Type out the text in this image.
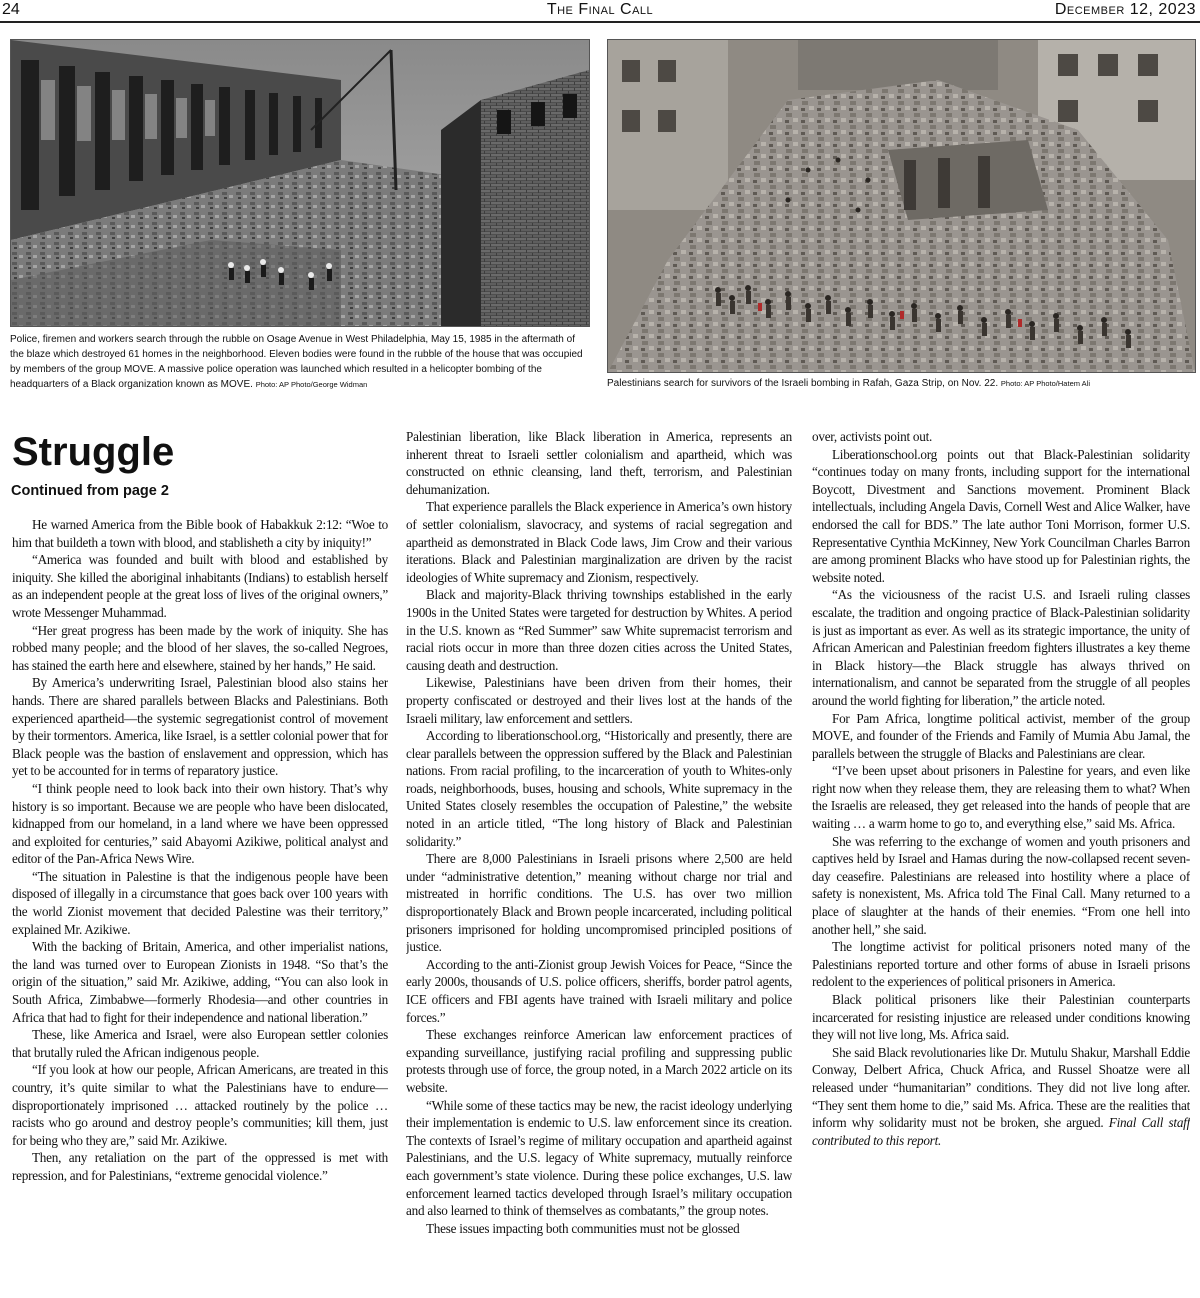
24	The Final Call	December 12, 2023
Police, firemen and workers search through the rubble on Osage Avenue in West Philadelphia, May 15, 1985 in the aftermath of the blaze which destroyed 61 homes in the neighborhood. Eleven bodies were found in the rubble of the house that was occupied by members of the group MOVE. A massive police operation was launched which resulted in a helicopter bombing of the headquarters of a Black organization known as MOVE. Photo: AP Photo/George Widman	Palestinians search for survivors of the Israeli bombing in Rafah, Gaza Strip, on Nov. 22. Photo: AP Photo/Hatem Ali
Struggle
Continued from page 2

He warned America from the Bible book of Habakkuk 2:12: “Woe to him that buildeth a town with blood, and stablisheth a city by iniquity!”

“America was founded and built with blood and established by iniquity. She killed the aboriginal inhabitants (Indians) to establish herself as an independent people at the great loss of lives of the original owners,” wrote Messenger Muhammad.

“Her great progress has been made by the work of iniquity. She has robbed many people; and the blood of her slaves, the so-called Negroes, has stained the earth here and elsewhere, stained by her hands,” He said.

By America’s underwriting Israel, Palestinian blood also stains her hands. There are shared parallels between Blacks and Palestinians. Both experienced apartheid—the systemic segregationist control of movement by their tormentors. America, like Israel, is a settler colonial power that for Black people was the bastion of enslavement and oppression, which has yet to be accounted for in terms of reparatory justice.

“I think people need to look back into their own history. That’s why history is so important. Because we are people who have been dislocated, kidnapped from our homeland, in a land where we have been oppressed and exploited for centuries,” said Abayomi Azikiwe, political analyst and editor of the Pan-Africa News Wire.

“The situation in Palestine is that the indigenous people have been disposed of illegally in a circumstance that goes back over 100 years with the world Zionist movement that decided Palestine was their territory,” explained Mr. Azikiwe.

With the backing of Britain, America, and other imperialist nations, the land was turned over to European Zionists in 1948. “So that’s the origin of the situation,” said Mr. Azikiwe, adding, “You can also look in South Africa, Zimbabwe—formerly Rhodesia—and other countries in Africa that had to fight for their independence and national liberation.”

These, like America and Israel, were also European settler colonies that brutally ruled the African indigenous people.

“If you look at how our people, African Americans, are treated in this country, it’s quite similar to what the Palestinians have to endure—disproportionately imprisoned … attacked routinely by the police … racists who go around and destroy people’s communities; kill them, just for being who they are,” said Mr. Azikiwe.

Then, any retaliation on the part of the oppressed is met with repression, and for Palestinians, “extreme genocidal violence.”

Palestinian liberation, like Black liberation in America, represents an inherent threat to Israeli settler colonialism and apartheid, which was constructed on ethnic cleansing, land theft, terrorism, and Palestinian dehumanization.

That experience parallels the Black experience in America’s own history of settler colonialism, slavocracy, and systems of racial segregation and apartheid as demonstrated in Black Code laws, Jim Crow and their various iterations. Black and Palestinian marginalization are driven by the racist ideologies of White supremacy and Zionism, respectively.

Black and majority-Black thriving townships established in the early 1900s in the United States were targeted for destruction by Whites. A period in the U.S. known as “Red Summer” saw White supremacist terrorism and racial riots occur in more than three dozen cities across the United States, causing death and destruction.

Likewise, Palestinians have been driven from their homes, their property confiscated or destroyed and their lives lost at the hands of the Israeli military, law enforcement and settlers.

According to liberationschool.org, “Historically and presently, there are clear parallels between the oppression suffered by the Black and Palestinian nations. From racial profiling, to the incarceration of youth to Whites-only roads, neighborhoods, buses, housing and schools, White supremacy in the United States closely resembles the occupation of Palestine,” the website noted in an article titled, “The long history of Black and Palestinian solidarity.”

There are 8,000 Palestinians in Israeli prisons where 2,500 are held under “administrative detention,” meaning without charge nor trial and mistreated in horrific conditions. The U.S. has over two million disproportionately Black and Brown people incarcerated, including political prisoners imprisoned for holding uncompromised principled positions of justice.

According to the anti-Zionist group Jewish Voices for Peace, “Since the early 2000s, thousands of U.S. police officers, sheriffs, border patrol agents, ICE officers and FBI agents have trained with Israeli military and police forces.”

These exchanges reinforce American law enforcement practices of expanding surveillance, justifying racial profiling and suppressing public protests through use of force, the group noted, in a March 2022 article on its website.

“While some of these tactics may be new, the racist ideology underlying their implementation is endemic to U.S. law enforcement since its creation. The contexts of Israel’s regime of military occupation and apartheid against Palestinians, and the U.S. legacy of White supremacy, mutually reinforce each government’s state violence. During these police exchanges, U.S. law enforcement learned tactics developed through Israel’s military occupation and also learned to think of themselves as combatants,” the group notes.

These issues impacting both communities must not be glossed

over, activists point out.

Liberationschool.org points out that Black-Palestinian solidarity “continues today on many fronts, including support for the international Boycott, Divestment and Sanctions movement. Prominent Black intellectuals, including Angela Davis, Cornell West and Alice Walker, have endorsed the call for BDS.” The late author Toni Morrison, former U.S. Representative Cynthia McKinney, New York Councilman Charles Barron are among prominent Blacks who have stood up for Palestinian rights, the website noted.

“As the viciousness of the racist U.S. and Israeli ruling classes escalate, the tradition and ongoing practice of Black-Palestinian solidarity is just as important as ever. As well as its strategic importance, the unity of African American and Palestinian freedom fighters illustrates a key theme in Black history—the Black struggle has always thrived on internationalism, and cannot be separated from the struggle of all peoples around the world fighting for liberation,” the article noted.

For Pam Africa, longtime political activist, member of the group MOVE, and founder of the Friends and Family of Mumia Abu Jamal, the parallels between the struggle of Blacks and Palestinians are clear.

“I’ve been upset about prisoners in Palestine for years, and even like right now when they release them, they are releasing them to what? When the Israelis are released, they get released into the hands of people that are waiting … a warm home to go to, and everything else,” said Ms. Africa.

She was referring to the exchange of women and youth prisoners and captives held by Israel and Hamas during the now-collapsed recent seven-day ceasefire. Palestinians are released into hostility where a place of safety is nonexistent, Ms. Africa told The Final Call. Many returned to a place of slaughter at the hands of their enemies. “From one hell into another hell,” she said.

The longtime activist for political prisoners noted many of the Palestinians reported torture and other forms of abuse in Israeli prisons redolent to the experiences of political prisoners in America.

Black political prisoners like their Palestinian counterparts incarcerated for resisting injustice are released under conditions knowing they will not live long, Ms. Africa said.

She said Black revolutionaries like Dr. Mutulu Shakur, Marshall Eddie Conway, Delbert Africa, Chuck Africa, and Russel Shoatze were all released under “humanitarian” conditions. They did not live long after. “They sent them home to die,” said Ms. Africa. These are the realities that inform why solidarity must not be broken, she argued. Final Call staff contributed to this report.
